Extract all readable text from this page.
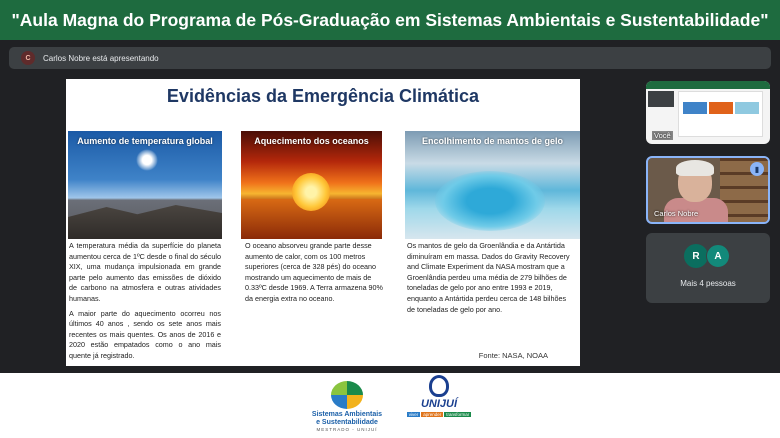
"Aula Magna do Programa de Pós-Graduação em Sistemas Ambientais e Sustentabilidade"
C	Carlos Nobre está apresentando
Evidências da Emergência Climática
Aumento de temperatura global	Aquecimento dos oceanos	Encolhimento de mantos de gelo

A temperatura média da superfície do planeta aumentou cerca de 1ºC desde o final do século XIX, uma mudança impulsionada em grande parte pelo aumento das emissões de dióxido de carbono na atmosfera e outras atividades humanas.

A maior parte do aquecimento ocorreu nos últimos 40 anos , sendo os sete anos mais recentes os mais quentes. Os anos de 2016 e 2020 estão empatados como o ano mais quente já registrado.

O oceano absorveu grande parte desse aumento de calor, com os 100 metros superiores (cerca de 328 pés) do oceano mostrando um aquecimento de mais de 0.33ºC desde 1969. A Terra armazena 90% da energia extra no oceano.

Os mantos de gelo da Groenlândia e da Antártida diminuíram em massa. Dados do Gravity Recovery and Climate Experiment da NASA mostram que a Groenlândia perdeu uma média de 279 bilhões de toneladas de gelo por ano entre 1993 e 2019, enquanto a Antártida perdeu cerca de 148 bilhões de toneladas de gelo por ano.

Fonte: NASA, NOAA
Você
▮
Carlos Nobre
R	A
Mais 4 pessoas
Sistemas Ambientais
e Sustentabilidade
MESTRADO - UNIJUÍ
UNIJUÍ
viver	aprender	transformar
